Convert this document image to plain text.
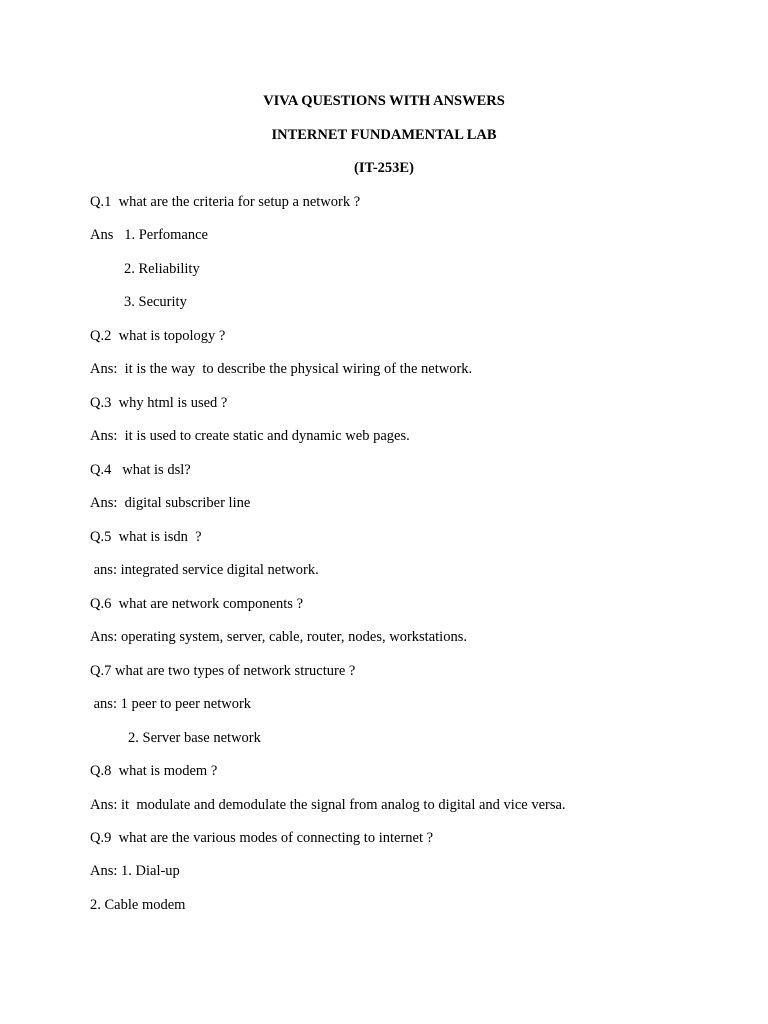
VIVA QUESTIONS WITH ANSWERS
INTERNET FUNDAMENTAL LAB
(IT-253E)
Q.1  what are the criteria for setup a network ?
Ans   1. Perfomance
2. Reliability
3. Security
Q.2  what is topology ?
Ans:  it is the way  to describe the physical wiring of the network.
Q.3  why html is used ?
Ans:  it is used to create static and dynamic web pages.
Q.4   what is dsl?
Ans:  digital subscriber line
Q.5  what is isdn  ?
ans: integrated service digital network.
Q.6  what are network components ?
Ans: operating system, server, cable, router, nodes, workstations.
Q.7 what are two types of network structure ?
ans: 1 peer to peer network
2. Server base network
Q.8  what is modem ?
Ans: it  modulate and demodulate the signal from analog to digital and vice versa.
Q.9  what are the various modes of connecting to internet ?
Ans: 1. Dial-up
2. Cable modem
